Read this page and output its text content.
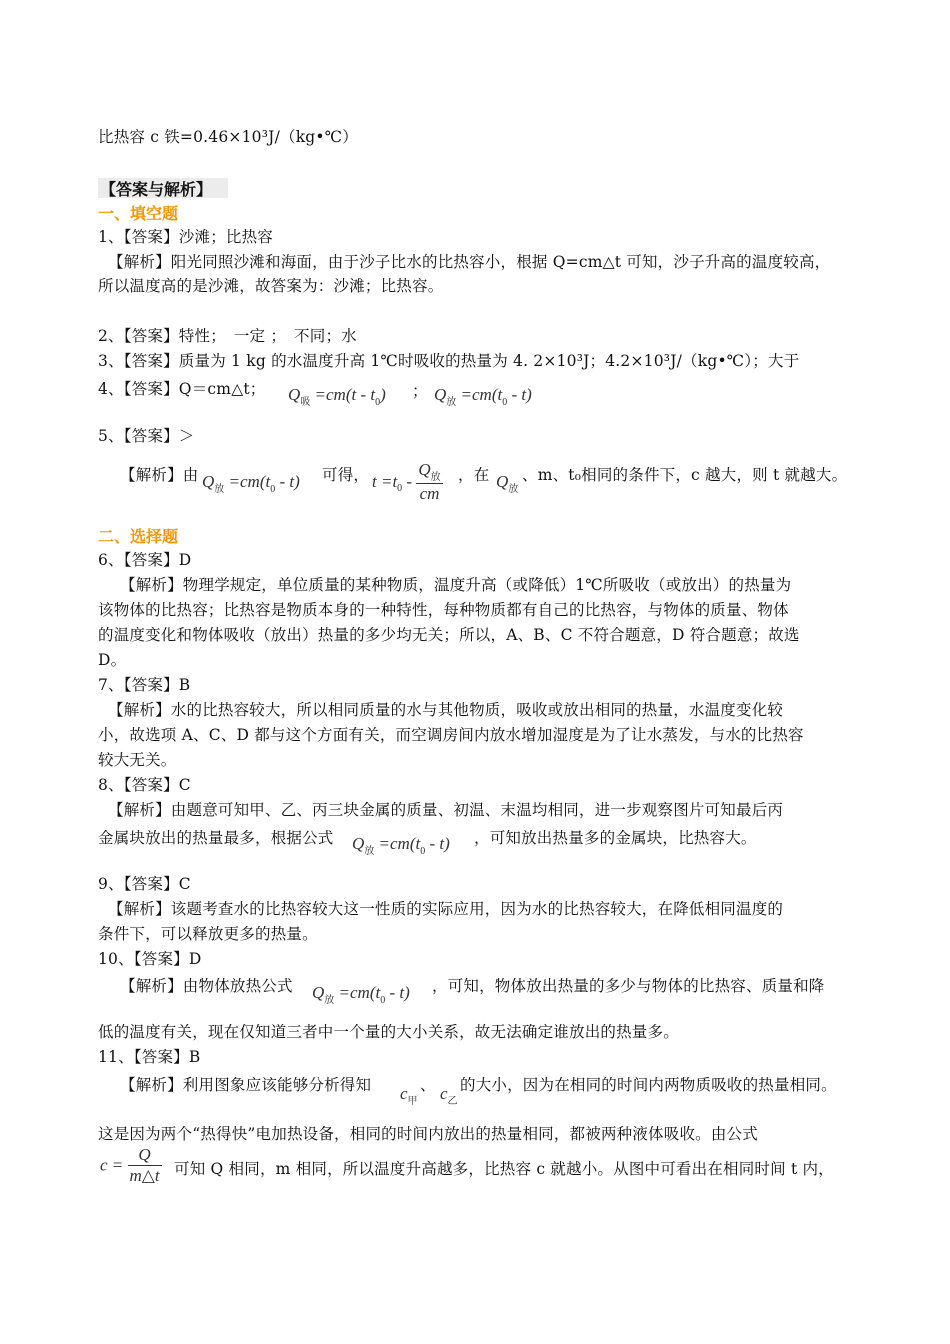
比热容 c 铁=0.46×10³J/（kg•℃）
【答案与解析】
一、填空题
1、【答案】沙滩；比热容
【解析】阳光同照沙滩和海面，由于沙子比水的比热容小，根据 Q=cm△t 可知，沙子升高的温度较高，
所以温度高的是沙滩，故答案为：沙滩；比热容。
2、【答案】特性；　一定 ；　不同；水
3、【答案】质量为 1 kg 的水温度升高 1℃时吸收的热量为 4. 2×10³J；4.2×10³J/（kg•℃）；大于
4、【答案】Q＝cm△t； $Q_吸 =cm(t - t_0)$ ； $Q_放 =cm(t_0 - t)$
5、【答案】＞
【解析】由 $Q_放 =cm(t_0 - t)$ 可得， $t =t_0 - \frac{Q_放}{cm}$ ，在 $Q_放$
、m、t₀相同的条件下，c 越大，则 t 就越大。
二、选择题
6、【答案】D
【解析】物理学规定，单位质量的某种物质，温度升高（或降低）1℃所吸收（或放出）的热量为
该物体的比热容；比热容是物质本身的一种特性，每种物质都有自己的比热容，与物体的质量、物体
的温度变化和物体吸收（放出）热量的多少均无关；所以，A、B、C 不符合题意，D 符合题意；故选
D。
7、【答案】B
【解析】水的比热容较大，所以相同质量的水与其他物质，吸收或放出相同的热量，水温度变化较
小，故选项 A、C、D 都与这个方面有关，而空调房间内放水增加湿度是为了让水蒸发，与水的比热容
较大无关。
8、【答案】C
【解析】由题意可知甲、乙、丙三块金属的质量、初温、末温均相同，进一步观察图片可知最后丙
金属块放出的热量最多，根据公式 $Q_放 =cm(t_0 - t)$ ，可知放出热量多的金属块，比热容大。
9、【答案】C
【解析】该题考查水的比热容较大这一性质的实际应用，因为水的比热容较大，在降低相同温度的
条件下，可以释放更多的热量。
10、【答案】D
【解析】由物体放热公式 $Q_放 =cm(t_0 - t)$ ，可知，物体放出热量的多少与物体的比热容、质量和降
低的温度有关，现在仅知道三者中一个量的大小关系，故无法确定谁放出的热量多。
11、【答案】B
【解析】利用图象应该能够分析得知 $c_甲$
、 $c_乙$
的大小，因为在相同的时间内两物质吸收的热量相同。
这是因为两个“热得快”电加热设备，相同的时间内放出的热量相同，都被两种液体吸收。由公式
$c = \frac{Q}{m\triangle t}$ 可知 Q 相同，m 相同，所以温度升高越多，比热容 c 就越小。从图中可看出在相同时间 t 内，
